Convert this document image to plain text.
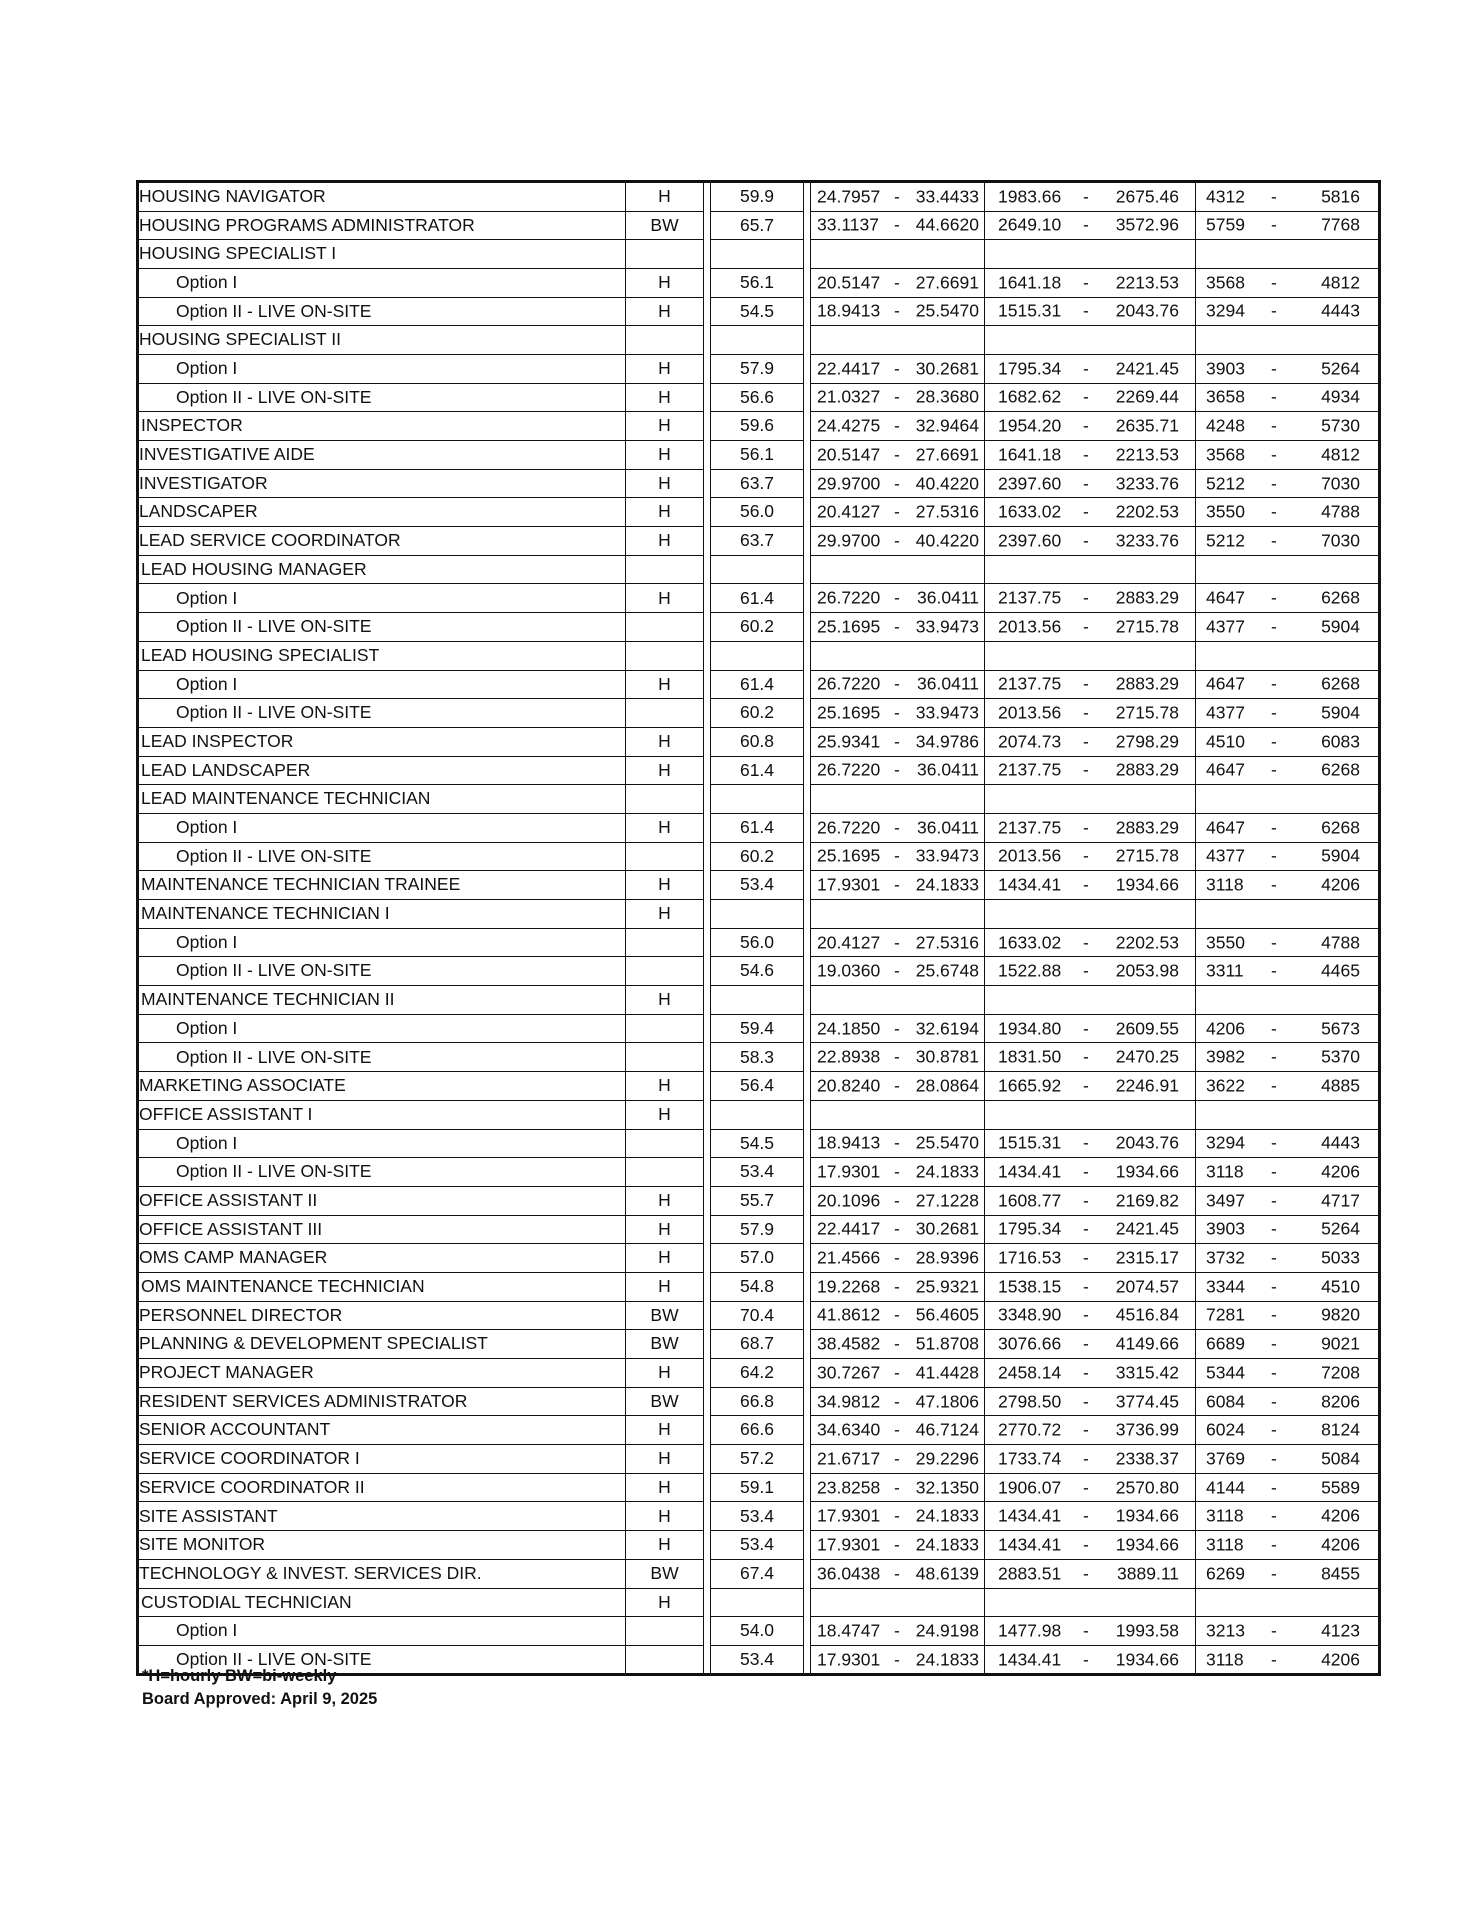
HOUSING NAVIGATOR	H		59.9		24.7957 - 33.4433	1983.66 - 2675.46	4312 - 5816

HOUSING PROGRAMS ADMINISTRATOR	BW		65.7		33.1137 - 44.6620	2649.10 - 3572.96	5759 - 7768

HOUSING SPECIALIST I					

Option I	H		56.1		20.5147 - 27.6691	1641.18 - 2213.53	3568 - 4812

Option II - LIVE ON-SITE	H		54.5		18.9413 - 25.5470	1515.31 - 2043.76	3294 - 4443

HOUSING SPECIALIST II					

Option I	H		57.9		22.4417 - 30.2681	1795.34 - 2421.45	3903 - 5264

Option II - LIVE ON-SITE	H		56.6		21.0327 - 28.3680	1682.62 - 2269.44	3658 - 4934

INSPECTOR	H		59.6		24.4275 - 32.9464	1954.20 - 2635.71	4248 - 5730

INVESTIGATIVE AIDE	H		56.1		20.5147 - 27.6691	1641.18 - 2213.53	3568 - 4812

INVESTIGATOR	H		63.7		29.9700 - 40.4220	2397.60 - 3233.76	5212 - 7030

LANDSCAPER	H		56.0		20.4127 - 27.5316	1633.02 - 2202.53	3550 - 4788

LEAD SERVICE COORDINATOR	H		63.7		29.9700 - 40.4220	2397.60 - 3233.76	5212 - 7030

LEAD HOUSING MANAGER					

Option I	H		61.4		26.7220 - 36.0411	2137.75 - 2883.29	4647 - 6268

Option II - LIVE ON-SITE			60.2		25.1695 - 33.9473	2013.56 - 2715.78	4377 - 5904

LEAD HOUSING SPECIALIST					

Option I	H		61.4		26.7220 - 36.0411	2137.75 - 2883.29	4647 - 6268

Option II - LIVE ON-SITE			60.2		25.1695 - 33.9473	2013.56 - 2715.78	4377 - 5904

LEAD INSPECTOR	H		60.8		25.9341 - 34.9786	2074.73 - 2798.29	4510 - 6083

LEAD LANDSCAPER	H		61.4		26.7220 - 36.0411	2137.75 - 2883.29	4647 - 6268

LEAD MAINTENANCE TECHNICIAN					

Option I	H		61.4		26.7220 - 36.0411	2137.75 - 2883.29	4647 - 6268

Option II - LIVE ON-SITE			60.2		25.1695 - 33.9473	2013.56 - 2715.78	4377 - 5904

MAINTENANCE TECHNICIAN TRAINEE	H		53.4		17.9301 - 24.1833	1434.41 - 1934.66	3118 - 4206

MAINTENANCE TECHNICIAN I	H				

Option I			56.0		20.4127 - 27.5316	1633.02 - 2202.53	3550 - 4788

Option II - LIVE ON-SITE			54.6		19.0360 - 25.6748	1522.88 - 2053.98	3311 - 4465

MAINTENANCE TECHNICIAN II	H				

Option I			59.4		24.1850 - 32.6194	1934.80 - 2609.55	4206 - 5673

Option II - LIVE ON-SITE			58.3		22.8938 - 30.8781	1831.50 - 2470.25	3982 - 5370

MARKETING ASSOCIATE	H		56.4		20.8240 - 28.0864	1665.92 - 2246.91	3622 - 4885

OFFICE ASSISTANT I	H				

Option I			54.5		18.9413 - 25.5470	1515.31 - 2043.76	3294 - 4443

Option II - LIVE ON-SITE			53.4		17.9301 - 24.1833	1434.41 - 1934.66	3118 - 4206

OFFICE ASSISTANT II	H		55.7		20.1096 - 27.1228	1608.77 - 2169.82	3497 - 4717

OFFICE ASSISTANT III	H		57.9		22.4417 - 30.2681	1795.34 - 2421.45	3903 - 5264

OMS CAMP MANAGER	H		57.0		21.4566 - 28.9396	1716.53 - 2315.17	3732 - 5033

OMS MAINTENANCE TECHNICIAN	H		54.8		19.2268 - 25.9321	1538.15 - 2074.57	3344 - 4510

PERSONNEL DIRECTOR	BW		70.4		41.8612 - 56.4605	3348.90 - 4516.84	7281 - 9820

PLANNING & DEVELOPMENT SPECIALIST	BW		68.7		38.4582 - 51.8708	3076.66 - 4149.66	6689 - 9021

PROJECT MANAGER	H		64.2		30.7267 - 41.4428	2458.14 - 3315.42	5344 - 7208

RESIDENT SERVICES ADMINISTRATOR	BW		66.8		34.9812 - 47.1806	2798.50 - 3774.45	6084 - 8206

SENIOR ACCOUNTANT	H		66.6		34.6340 - 46.7124	2770.72 - 3736.99	6024 - 8124

SERVICE COORDINATOR I	H		57.2		21.6717 - 29.2296	1733.74 - 2338.37	3769 - 5084

SERVICE COORDINATOR II	H		59.1		23.8258 - 32.1350	1906.07 - 2570.80	4144 - 5589

SITE ASSISTANT	H		53.4		17.9301 - 24.1833	1434.41 - 1934.66	3118 - 4206

SITE MONITOR	H		53.4		17.9301 - 24.1833	1434.41 - 1934.66	3118 - 4206

TECHNOLOGY & INVEST. SERVICES DIR.	BW		67.4		36.0438 - 48.6139	2883.51 - 3889.11	6269 - 8455

CUSTODIAL TECHNICIAN	H				

Option I			54.0		18.4747 - 24.9198	1477.98 - 1993.58	3213 - 4123

Option II - LIVE ON-SITE			53.4		17.9301 - 24.1833	1434.41 - 1934.66	3118 - 4206
*H=hourly BW=bi-weekly
Board Approved: April 9, 2025
